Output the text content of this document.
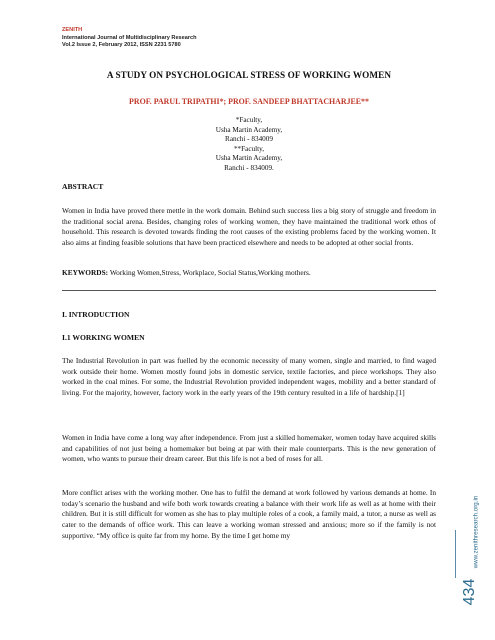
ZENITH
International Journal of Multidisciplinary Research
Vol.2 Issue 2, February 2012, ISSN 2231 5780
A STUDY ON PSYCHOLOGICAL STRESS OF WORKING WOMEN
PROF. PARUL TRIPATHI*; PROF. SANDEEP BHATTACHARJEE**
*Faculty,
Usha Martin Academy,
Ranchi - 834009
**Faculty,
Usha Martin Academy,
Ranchi - 834009.
ABSTRACT

Women in India have proved there mettle in the work domain. Behind such success lies a big story of struggle and freedom in the traditional social arena. Besides, changing roles of working women, they have maintained the traditional work ethos of household. This research is devoted towards finding the root causes of the existing problems faced by the working women. It also aims at finding feasible solutions that have been practiced elsewhere and needs to be adopted at other social fronts.

KEYWORDS: Working Women,Stress, Workplace, Social Status,Working mothers.

I. INTRODUCTION
I.1 WORKING WOMEN

The Industrial Revolution in part was fuelled by the economic necessity of many women, single and married, to find waged work outside their home. Women mostly found jobs in domestic service, textile factories, and piece workshops. They also worked in the coal mines. For some, the Industrial Revolution provided independent wages, mobility and a better standard of living. For the majority, however, factory work in the early years of the 19th century resulted in a life of hardship.[1]

Women in India have come a long way after independence. From just a skilled homemaker, women today have acquired skills and capabilities of not just being a homemaker but being at par with their male counterparts. This is the new generation of women, who wants to pursue their dream career. But this life is not a bed of roses for all.

More conflict arises with the working mother. One has to fulfil the demand at work followed by various demands at home. In today’s scenario the husband and wife both work towards creating a balance with their work life as well as at home with their children. But it is still difficult for women as she has to play multiple roles of a cook, a family maid, a tutor, a nurse as well as cater to the demands of office work. This can leave a working woman stressed and anxious; more so if the family is not supportive. “My office is quite far from my home. By the time I get home my	www.zenithresearch.org.in
434
